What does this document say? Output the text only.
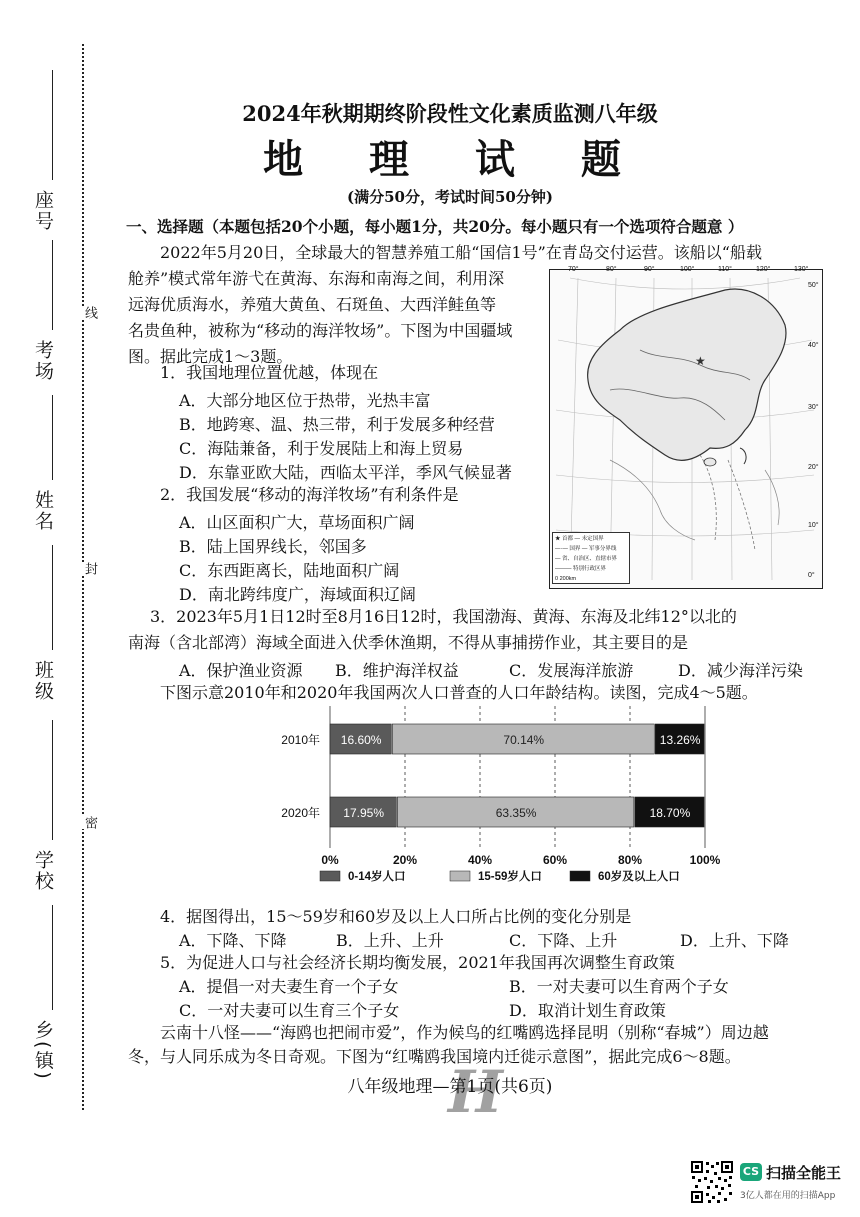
座号
考场
姓名
班级
学校
乡(镇)
线
封
密
2024年秋期期终阶段性文化素质监测八年级
地 理 试 题
(满分50分，考试时间50分钟)
一、选择题（本题包括20个小题，每小题1分，共20分。每小题只有一个选项符合题意 ）
2022年5月20日，全球最大的智慧养殖工船“国信1号”在青岛交付运营。该船以“船载
舱养”模式常年游弋在黄海、东海和南海之间，利用深
远海优质海水，养殖大黄鱼、石斑鱼、大西洋鲑鱼等
名贵鱼种，被称为“移动的海洋牧场”。下图为中国疆域
图。据此完成1～3题。	★
70°	80°	90°	100°	110°	120°	130°
50°
40°
30°
20°
10°
0°
★ 首都 — 未定国界
—·— 国界 — 军事分界线
— 省、自治区、直辖市界
——— 特别行政区界
0 200km
1．我国地理位置优越，体现在
A．大部分地区位于热带，光热丰富
B．地跨寒、温、热三带，利于发展多种经营
C．海陆兼备，利于发展陆上和海上贸易
D．东靠亚欧大陆，西临太平洋，季风气候显著
2．我国发展“移动的海洋牧场”有利条件是
A．山区面积广大，草场面积广阔
B．陆上国界线长，邻国多
C．东西距离长，陆地面积广阔
D．南北跨纬度广，海域面积辽阔
3．2023年5月1日12时至8月16日12时，我国渤海、黄海、东海及北纬12°以北的
南海（含北部湾）海域全面进入伏季休渔期，不得从事捕捞作业，其主要目的是
A．保护渔业资源 B．维护海洋权益	C．发展海洋旅游	D．减少海洋污染
下图示意2010年和2020年我国两次人口普查的人口年龄结构。读图，完成4～5题。
0%	20%	40%	60%	80%	100%
2010年 16.60%	70.14%	13.26%
2020年 17.95%	63.35%	18.70%
0-14岁人口	15-59岁人口	60岁及以上人口
4．据图得出，15～59岁和60岁及以上人口所占比例的变化分别是
A．下降、下降	B．上升、上升	C．下降、上升	D．上升、下降
5．为促进人口与社会经济长期均衡发展，2021年我国再次调整生育政策
A．提倡一对夫妻生育一个子女	B．一对夫妻可以生育两个子女
C．一对夫妻可以生育三个子女	D．取消计划生育政策
云南十八怪——“海鸥也把闹市爱”，作为候鸟的红嘴鸥选择昆明（别称“春城”）周边越
冬，与人同乐成为冬日奇观。下图为“红嘴鸥我国境内迁徙示意图”，据此完成6～8题。
H
八年级地理—第1页(共6页)
CS 扫描全能王
3亿人都在用的扫描App
